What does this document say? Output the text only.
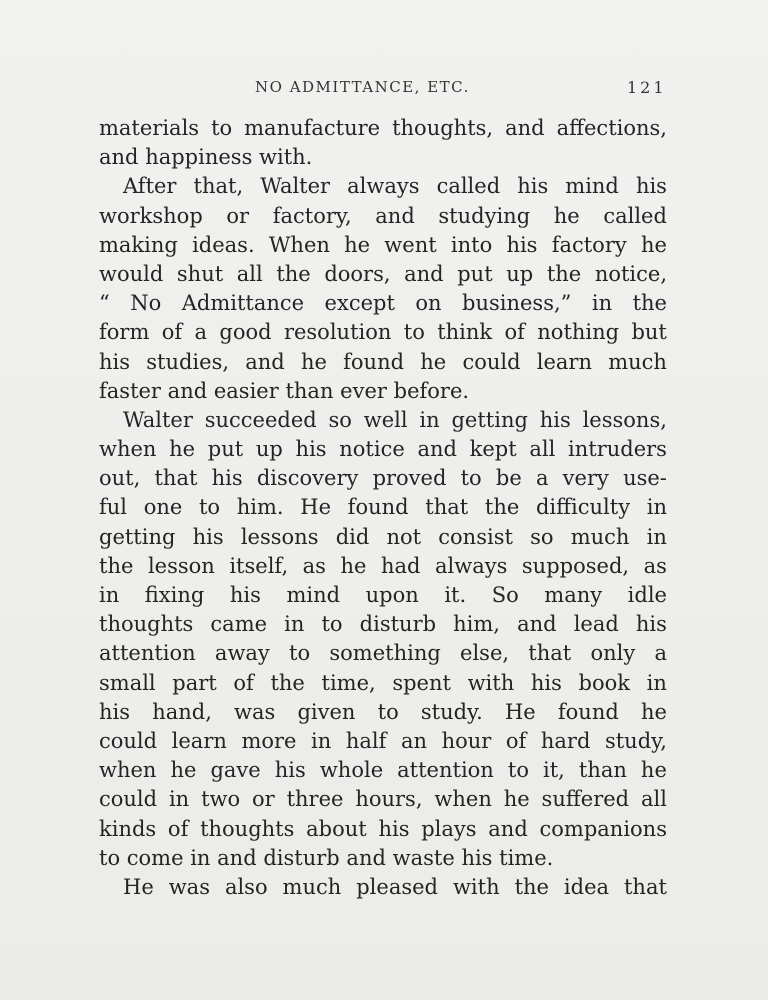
NO ADMITTANCE, ETC.	121
materials to manufacture thoughts, and affections,
and
happiness
with.
After that, Walter always called his mind his
workshop or factory, and studying he called
making ideas. When he went into his factory he
would shut all the doors, and put up the notice,
“ No Admittance except on business,” in the
form of a good resolution to think of nothing but
his studies, and he found he could learn much
faster
and
easier
than
ever
before.
Walter succeeded so well in getting his lessons,
when he put up his notice and kept all intruders
out, that his discovery proved to be a very use-
ful one to him. He found that the difficulty in
getting his lessons did not consist so much in
the lesson itself, as he had always supposed, as
in fixing his mind upon it. So many idle
thoughts came in to disturb him, and lead his
attention away to something else, that only a
small part of the time, spent with his book in
his hand, was given to study. He found he
could learn more in half an hour of hard study,
when he gave his whole attention to it, than he
could in two or three hours, when he suffered all
kinds of thoughts about his plays and companions
to
come
in
and
disturb
and
waste
his
time.
He was also much pleased with the idea that
